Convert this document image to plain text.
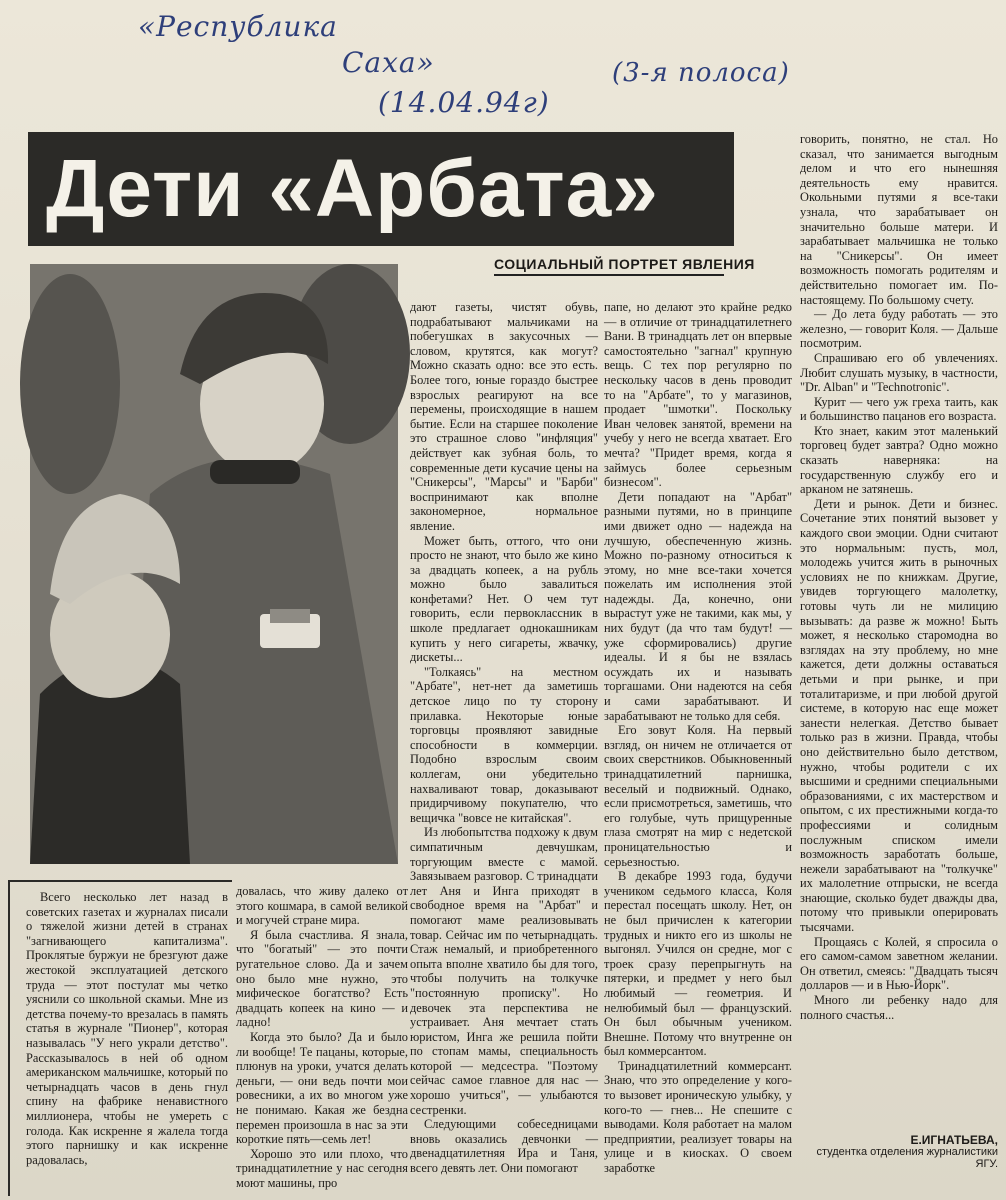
«Республика
Саха»
(14.04.94г)
(3-я полоса)
Дети «Арбата»
СОЦИАЛЬНЫЙ ПОРТРЕТ ЯВЛЕНИЯ

Всего несколько лет назад в советских газетах и журналах писали о тяжелой жизни детей в странах "загнивающего капитализма". Проклятые буржуи не брезгуют даже жестокой эксплуатацией детского труда — этот постулат мы четко уяснили со школьной скамьи. Мне из детства почему-то врезалась в память статья в журнале "Пионер", которая называлась "У него украли детство". Рассказывалось в ней об одном американском мальчишке, который по четырнадцать часов в день гнул спину на фабрике ненавистного миллионера, чтобы не умереть с голода. Как искренне я жалела тогда этого парнишку и как искренне радовалась,

довалась, что живу далеко от этого кошмара, в самой великой и могучей стране мира.

Я была счастлива. Я знала, что "богатый" — это почти ругательное слово. Да и зачем оно было мне нужно, это мифическое богатство? Есть двадцать копеек на кино — и ладно!

Когда это было? Да и было ли вообще! Те пацаны, которые, плюнув на уроки, учатся делать деньги, — они ведь почти мои ровесники, а их во многом уже не понимаю. Какая же бездна перемен произошла в нас за эти короткие пять—семь лет!

Хорошо это или плохо, что тринадцатилетние у нас сегодня моют машины, про

дают газеты, чистят обувь, подрабатывают мальчиками на побегушках в закусочных — словом, крутятся, как могут? Можно сказать одно: все это есть. Более того, юные гораздо быстрее взрослых реагируют на все перемены, происходящие в нашем бытие. Если на старшее поколение это страшное слово "инфляция" действует как зубная боль, то современные дети кусачие цены на "Сникерсы", "Марсы" и "Барби" воспринимают как вполне закономерное, нормальное явление.

Может быть, оттого, что они просто не знают, что было же кино за двадцать копеек, а на рубль можно было завалиться конфетами? Нет. О чем тут говорить, если первоклассник в школе предлагает однокашникам купить у него сигареты, жвачку, дискеты...

"Толкаясь" на местном "Арбате", нет-нет да заметишь детское лицо по ту сторону прилавка. Некоторые юные торговцы проявляют завидные способности в коммерции. Подобно взрослым своим коллегам, они убедительно нахваливают товар, доказывают придирчивому покупателю, что вещичка "вовсе не китайская".

Из любопытства подхожу к двум симпатичным девчушкам, торгующим вместе с мамой. Завязываем разговор. С тринадцати лет Аня и Инга приходят в свободное время на "Арбат" и помогают маме реализовывать товар. Сейчас им по четырнадцать. Стаж немалый, и приобретенного опыта вполне хватило бы для того, чтобы получить на толкучке "постоянную прописку". Но девочек эта перспектива не устраивает. Аня мечтает стать юристом, Инга же решила пойти по стопам мамы, специальность которой — медсестра. "Поэтому сейчас самое главное для нас — хорошо учиться", — улыбаются сестренки.

Следующими собеседницами вновь оказались девчонки — двенадцатилетняя Ира и Таня, всего девять лет. Они помогают

папе, но делают это крайне редко — в отличие от тринадцатилетнего Вани. В тринадцать лет он впервые самостоятельно "загнал" крупную вещь. С тех пор регулярно по нескольку часов в день проводит то на "Арбате", то у магазинов, продает "шмотки". Поскольку Иван человек занятой, времени на учебу у него не всегда хватает. Его мечта? "Придет время, когда я займусь более серьезным бизнесом".

Дети попадают на "Арбат" разными путями, но в принципе ими движет одно — надежда на лучшую, обеспеченную жизнь. Можно по-разному относиться к этому, но мне все-таки хочется пожелать им исполнения этой надежды. Да, конечно, они вырастут уже не такими, как мы, у них будут (да что там будут! — уже сформировались) другие идеалы. И я бы не взялась осуждать их и называть торгашами. Они надеются на себя и сами зарабатывают. И зарабатывают не только для себя.

Его зовут Коля. На первый взгляд, он ничем не отличается от своих сверстников. Обыкновенный тринадцатилетний парнишка, веселый и подвижный. Однако, если присмотреться, заметишь, что его голубые, чуть прищуренные глаза смотрят на мир с недетской проницательностью и серьезностью.

В декабре 1993 года, будучи учеником седьмого класса, Коля перестал посещать школу. Нет, он не был причислен к категории трудных и никто его из школы не выгонял. Учился он средне, мог с троек сразу перепрыгнуть на пятерки, и предмет у него был любимый — геометрия. И нелюбимый был — французский. Он был обычным учеником. Внешне. Потому что внутренне он был коммерсантом.

Тринадцатилетний коммерсант. Знаю, что это определение у кого-то вызовет ироническую улыбку, у кого-то — гнев... Не спешите с выводами. Коля работает на малом предприятии, реализует товары на улице и в киосках. О своем заработке

говорить, понятно, не стал. Но сказал, что занимается выгодным делом и что его нынешняя деятельность ему нравится. Окольными путями я все-таки узнала, что зарабатывает он значительно больше матери. И зарабатывает мальчишка не только на "Сникерсы". Он имеет возможность помогать родителям и действительно помогает им. По-настоящему. По большому счету.

— До лета буду работать — это железно, — говорит Коля. — Дальше посмотрим.

Спрашиваю его об увлечениях. Любит слушать музыку, в частности, "Dr. Alban" и "Technotronic".

Курит — чего уж греха таить, как и большинство пацанов его возраста.

Кто знает, каким этот маленький торговец будет завтра? Одно можно сказать наверняка: на государственную службу его и арканом не затянешь.

Дети и рынок. Дети и бизнес. Сочетание этих понятий вызовет у каждого свои эмоции. Одни считают это нормальным: пусть, мол, молодежь учится жить в рыночных условиях не по книжкам. Другие, увидев торгующего малолетку, готовы чуть ли не милицию вызывать: да разве ж можно! Быть может, я несколько старомодна во взглядах на эту проблему, но мне кажется, дети должны оставаться детьми и при рынке, и при тоталитаризме, и при любой другой системе, в которую нас еще может занести нелегкая. Детство бывает только раз в жизни. Правда, чтобы оно действительно было детством, нужно, чтобы родители с их высшими и средними специальными образованиями, с их мастерством и опытом, с их престижными когда-то профессиями и солидным послужным списком имели возможность заработать больше, нежели зарабатывают на "толкучке" их малолетние отпрыски, не всегда знающие, сколько будет дважды два, потому что привыкли оперировать тысячами.

Прощаясь с Колей, я спросила о его самом-самом заветном желании. Он ответил, смеясь: "Двадцать тысяч долларов — и в Нью-Йорк".

Много ли ребенку надо для полного счастья...

Е.ИГНАТЬЕВА,
студентка отделения журналистики ЯГУ.
